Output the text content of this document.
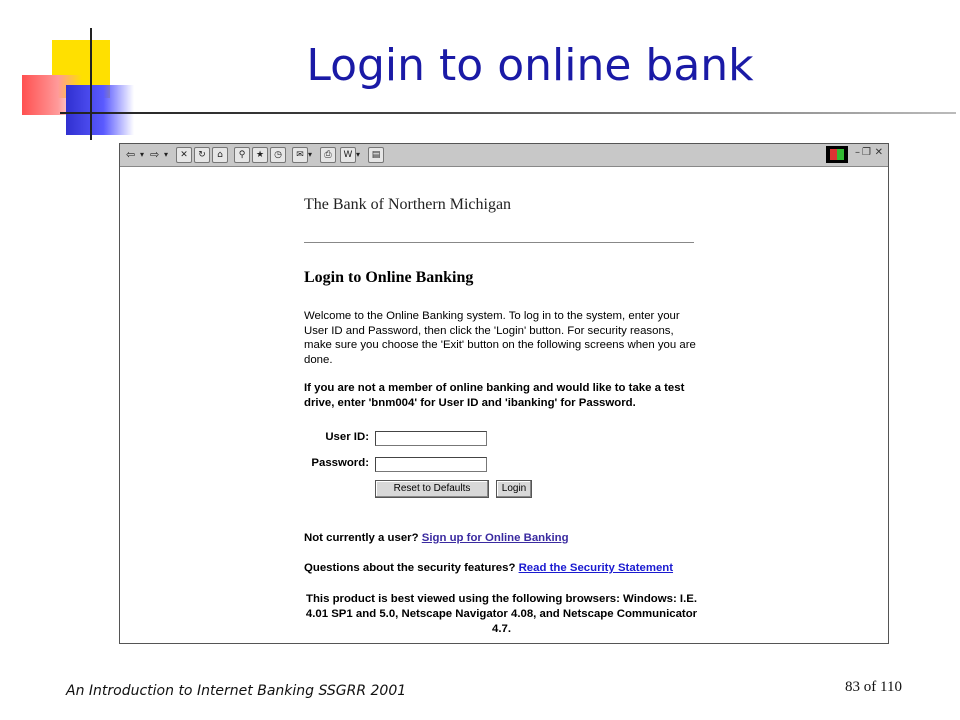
Login to online bank
⇦ ▾ ⇨ ▾	✕	↻	⌂	⚲	★	◷	✉ ▾	⎙	W ▾	▤	– ❐ ✕
The Bank of Northern Michigan
Login to Online Banking
Welcome to the Online Banking system. To log in to the system, enter your User ID and Password, then click the 'Login' button. For security reasons, make sure you choose the 'Exit' button on the following screens when you are done.
If you are not a member of online banking and would like to take a test drive, enter 'bnm004' for User ID and 'ibanking' for Password.
User ID:
Password:
Reset to Defaults	Login
Not currently a user? Sign up for Online Banking
Questions about the security features? Read the Security Statement
This product is best viewed using the following browsers: Windows: I.E. 4.01 SP1 and 5.0, Netscape Navigator 4.08, and Netscape Communicator 4.7.
An Introduction to Internet Banking SSGRR 2001	83 of 110
